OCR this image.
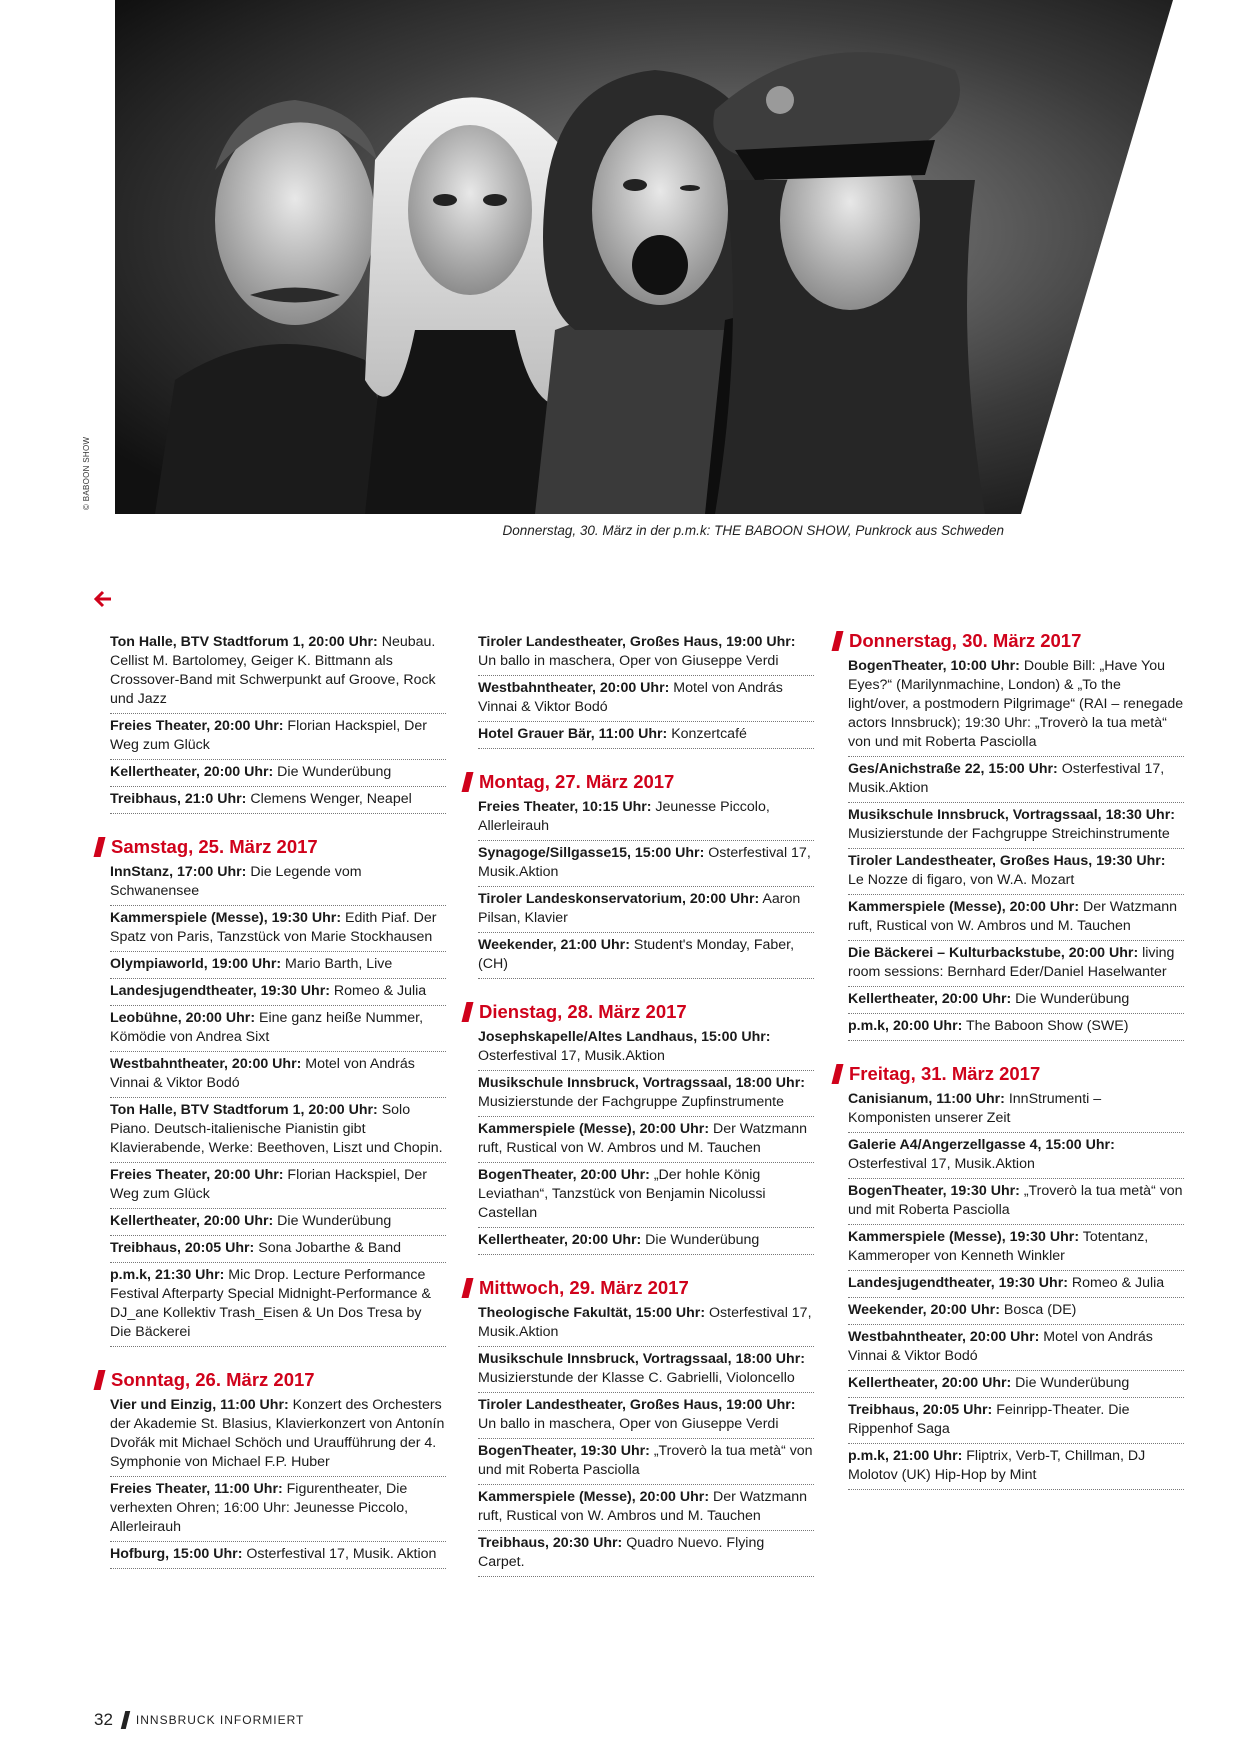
© BABOON SHOW
Donnerstag, 30. März in der p.m.k: THE BABOON SHOW, Punkrock aus Schweden
Ton Halle, BTV Stadtforum 1, 20:00 Uhr: Neubau. Cellist M. Bartolomey, Geiger K. Bittmann als Crossover-Band mit Schwerpunkt auf Groove, Rock und Jazz
Freies Theater, 20:00 Uhr: Florian Hackspiel, Der Weg zum Glück
Kellertheater, 20:00 Uhr: Die Wunderübung
Treibhaus, 21:0 Uhr: Clemens Wenger, Neapel
Samstag, 25. März 2017
InnStanz, 17:00 Uhr: Die Legende vom Schwanensee
Kammerspiele (Messe), 19:30 Uhr: Edith Piaf. Der Spatz von Paris, Tanzstück von Marie Stockhausen
Olympiaworld, 19:00 Uhr: Mario Barth, Live
Landesjugendtheater, 19:30 Uhr: Romeo & Julia
Leobühne, 20:00 Uhr: Eine ganz heiße Nummer, Kömödie von Andrea Sixt
Westbahntheater, 20:00 Uhr: Motel von András Vinnai & Viktor Bodó
Ton Halle, BTV Stadtforum 1, 20:00 Uhr: Solo Piano. Deutsch-italienische Pianistin gibt Klavierabende, Werke: Beethoven, Liszt und Chopin.
Freies Theater, 20:00 Uhr: Florian Hackspiel, Der Weg zum Glück
Kellertheater, 20:00 Uhr: Die Wunderübung
Treibhaus, 20:05 Uhr: Sona Jobarthe & Band
p.m.k, 21:30 Uhr: Mic Drop. Lecture Performance Festival Afterparty Special Midnight-Performance & DJ_ane Kollektiv Trash_Eisen & Un Dos Tresa by Die Bäckerei
Sonntag, 26. März 2017
Vier und Einzig, 11:00 Uhr: Konzert des Orchesters der Akademie St. Blasius, Klavierkonzert von Antonín Dvořák mit Michael Schöch und Uraufführung der 4. Symphonie von Michael F.P. Huber
Freies Theater, 11:00 Uhr: Figurentheater, Die verhexten Ohren; 16:00 Uhr: Jeunesse Piccolo, Allerleirauh
Hofburg, 15:00 Uhr: Osterfestival 17, Musik. Aktion
Tiroler Landestheater, Großes Haus, 19:00 Uhr: Un ballo in maschera, Oper von Giuseppe Verdi
Westbahntheater, 20:00 Uhr: Motel von András Vinnai & Viktor Bodó
Hotel Grauer Bär, 11:00 Uhr: Konzertcafé
Montag, 27. März 2017
Freies Theater, 10:15 Uhr: Jeunesse Piccolo, Allerleirauh
Synagoge/Sillgasse15, 15:00 Uhr: Osterfestival 17, Musik.Aktion
Tiroler Landeskonservatorium, 20:00 Uhr: Aaron Pilsan, Klavier
Weekender, 21:00 Uhr: Student's Monday, Faber, (CH)
Dienstag, 28. März 2017
Josephskapelle/Altes Landhaus, 15:00 Uhr: Osterfestival 17, Musik.Aktion
Musikschule Innsbruck, Vortragssaal, 18:00 Uhr: Musizierstunde der Fachgruppe Zupfinstrumente
Kammerspiele (Messe), 20:00 Uhr: Der Watzmann ruft, Rustical von W. Ambros und M. Tauchen
BogenTheater, 20:00 Uhr: „Der hohle König Leviathan“, Tanzstück von Benjamin Nicolussi Castellan
Kellertheater, 20:00 Uhr: Die Wunderübung
Mittwoch, 29. März 2017
Theologische Fakultät, 15:00 Uhr: Osterfestival 17, Musik.Aktion
Musikschule Innsbruck, Vortragssaal, 18:00 Uhr: Musizierstunde der Klasse C. Gabrielli, Violoncello
Tiroler Landestheater, Großes Haus, 19:00 Uhr: Un ballo in maschera, Oper von Giuseppe Verdi
BogenTheater, 19:30 Uhr: „Troverò la tua metà“ von und mit Roberta Pasciolla
Kammerspiele (Messe), 20:00 Uhr: Der Watzmann ruft, Rustical von W. Ambros und M. Tauchen
Treibhaus, 20:30 Uhr: Quadro Nuevo. Flying Carpet.
Donnerstag, 30. März 2017
BogenTheater, 10:00 Uhr: Double Bill: „Have You Eyes?“ (Marilynmachine, London) & „To the light/over, a postmodern Pilgrimage“ (RAI – renegade actors Innsbruck); 19:30 Uhr: „Troverò la tua metà“ von und mit Roberta Pasciolla
Ges/Anichstraße 22, 15:00 Uhr: Osterfestival 17, Musik.Aktion
Musikschule Innsbruck, Vortragssaal, 18:30 Uhr: Musizierstunde der Fachgruppe Streichinstrumente
Tiroler Landestheater, Großes Haus, 19:30 Uhr: Le Nozze di figaro, von W.A. Mozart
Kammerspiele (Messe), 20:00 Uhr: Der Watzmann ruft, Rustical von W. Ambros und M. Tauchen
Die Bäckerei – Kulturbackstube, 20:00 Uhr: living room sessions: Bernhard Eder/Daniel Haselwanter
Kellertheater, 20:00 Uhr: Die Wunderübung
p.m.k, 20:00 Uhr: The Baboon Show (SWE)
Freitag, 31. März 2017
Canisianum, 11:00 Uhr: InnStrumenti – Komponisten unserer Zeit
Galerie A4/Angerzellgasse 4, 15:00 Uhr: Osterfestival 17, Musik.Aktion
BogenTheater, 19:30 Uhr: „Troverò la tua metà“ von und mit Roberta Pasciolla
Kammerspiele (Messe), 19:30 Uhr: Totentanz, Kammeroper von Kenneth Winkler
Landesjugendtheater, 19:30 Uhr: Romeo & Julia
Weekender, 20:00 Uhr: Bosca (DE)
Westbahntheater, 20:00 Uhr: Motel von András Vinnai & Viktor Bodó
Kellertheater, 20:00 Uhr: Die Wunderübung
Treibhaus, 20:05 Uhr: Feinripp-Theater. Die Rippenhof Saga
p.m.k, 21:00 Uhr: Fliptrix, Verb-T, Chillman, DJ Molotov (UK) Hip-Hop by Mint
32 INNSBRUCK INFORMIERT
